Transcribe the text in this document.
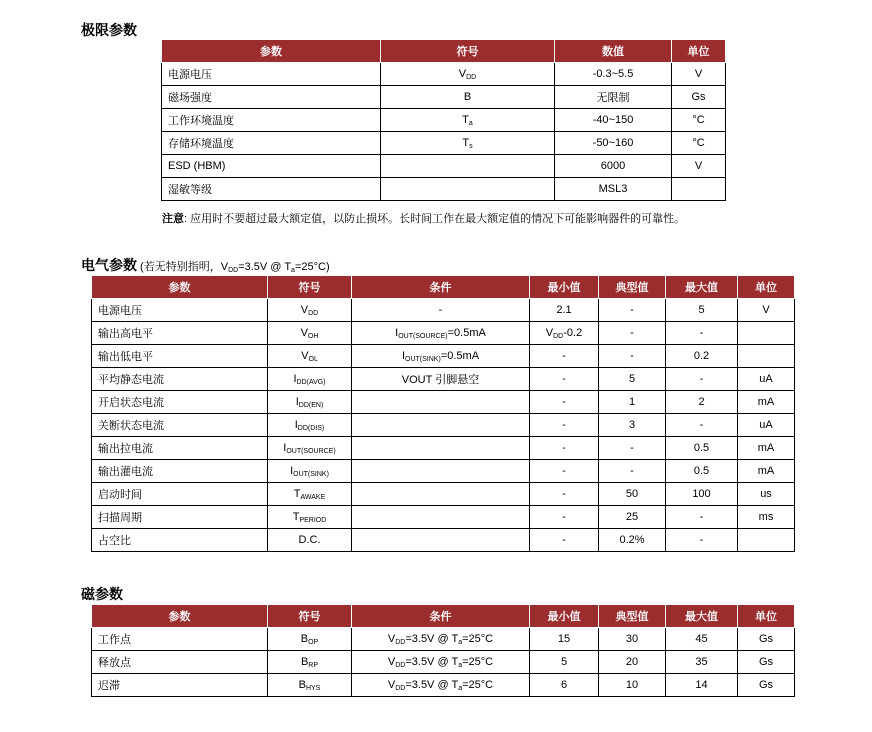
极限参数
参数	符号	数值	单位
电源电压	$V_{DD}$	-0.3~5.5	V
磁场强度	B	无限制	Gs
工作环境温度	$T_a$	-40~150	°C
存储环境温度	$T_s$	-50~160	°C
ESD (HBM)		6000	V
湿敏等级		MSL3	
注意: 应用时不要超过最大额定值，以防止损坏。长时间工作在最大额定值的情况下可能影响器件的可靠性。
电气参数 (若无特别指明，$V_{DD}=3.5V$ @ $T_a=25^\circ C$)
参数	符号	条件	最小值	典型值	最大值	单位
电源电压	$V_{DD}$	-	2.1	-	5	V
输出高电平	$V_{OH}$	$I_{OUT(SOURCE)}=0.5mA$	$V_{DD}-0.2$	-	-	
输出低电平	$V_{OL}$	$I_{OUT(SINK)}=0.5mA$	-	-	0.2	
平均静态电流	$I_{DD(AVG)}$	VOUT 引脚悬空	-	5	-	uA
开启状态电流	$I_{DD(EN)}$		-	1	2	mA
关断状态电流	$I_{DD(DIS)}$		-	3	-	uA
输出拉电流	$I_{OUT(SOURCE)}$		-	-	0.5	mA
输出灌电流	$I_{OUT(SINK)}$		-	-	0.5	mA
启动时间	$T_{AWAKE}$		-	50	100	us
扫描周期	$T_{PERIOD}$		-	25	-	ms
占空比	D.C.		-	0.2%	-	
磁参数
参数	符号	条件	最小值	典型值	最大值	单位
工作点	$B_{OP}$	$V_{DD}=3.5V$ @ $T_a=25^\circ C$	15	30	45	Gs
释放点	$B_{RP}$	$V_{DD}=3.5V$ @ $T_a=25^\circ C$	5	20	35	Gs
迟滞	$B_{HYS}$	$V_{DD}=3.5V$ @ $T_a=25^\circ C$	6	10	14	Gs
